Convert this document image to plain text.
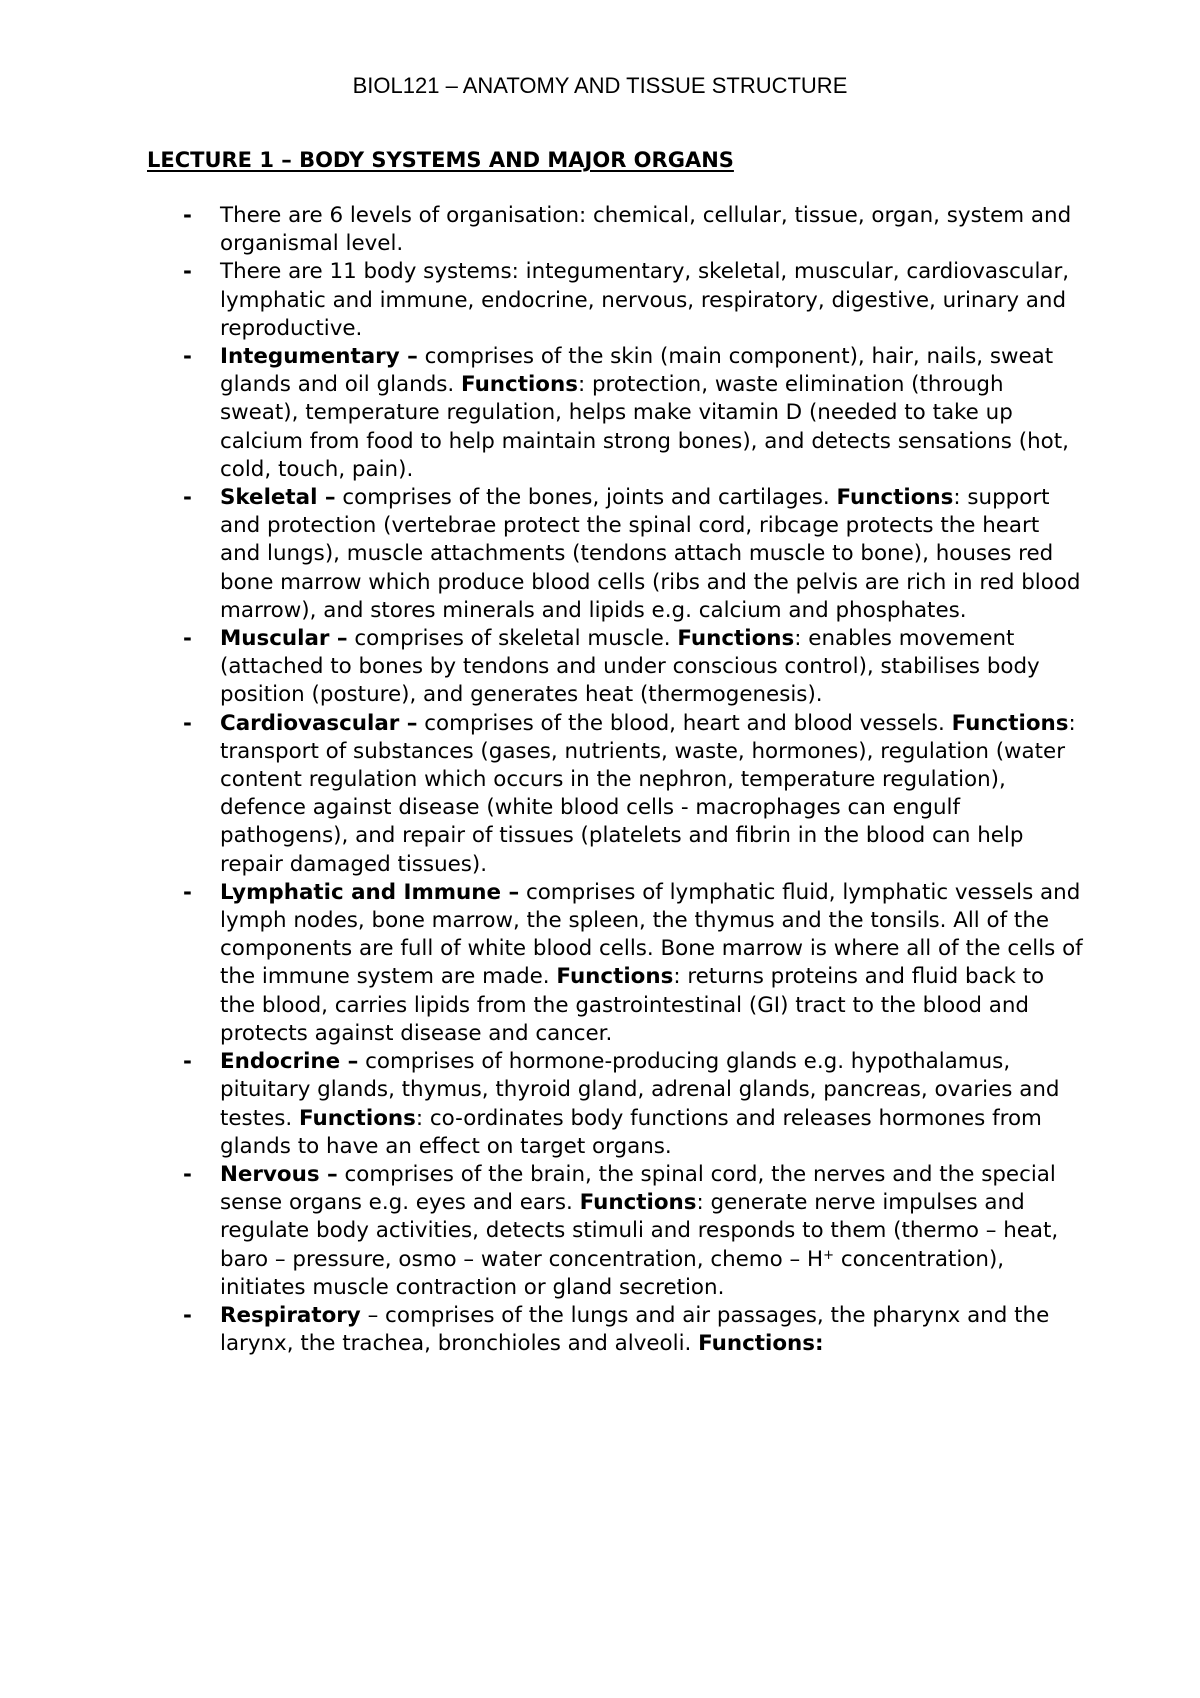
BIOL121 – ANATOMY AND TISSUE STRUCTURE
LECTURE 1 – BODY SYSTEMS AND MAJOR ORGANS
- There are 6 levels of organisation: chemical, cellular, tissue, organ, system and organismal level.
- There are 11 body systems: integumentary, skeletal, muscular, cardiovascular, lymphatic and immune, endocrine, nervous, respiratory, digestive, urinary and reproductive.
- Integumentary – comprises of the skin (main component), hair, nails, sweat glands and oil glands. Functions: protection, waste elimination (through sweat), temperature regulation, helps make vitamin D (needed to take up calcium from food to help maintain strong bones), and detects sensations (hot, cold, touch, pain).
- Skeletal – comprises of the bones, joints and cartilages. Functions: support and protection (vertebrae protect the spinal cord, ribcage protects the heart and lungs), muscle attachments (tendons attach muscle to bone), houses red bone marrow which produce blood cells (ribs and the pelvis are rich in red blood marrow), and stores minerals and lipids e.g. calcium and phosphates.
- Muscular – comprises of skeletal muscle. Functions: enables movement (attached to bones by tendons and under conscious control), stabilises body position (posture), and generates heat (thermogenesis).
- Cardiovascular – comprises of the blood, heart and blood vessels. Functions: transport of substances (gases, nutrients, waste, hormones), regulation (water content regulation which occurs in the nephron, temperature regulation), defence against disease (white blood cells - macrophages can engulf pathogens), and repair of tissues (platelets and fibrin in the blood can help repair damaged tissues).
- Lymphatic and Immune – comprises of lymphatic fluid, lymphatic vessels and lymph nodes, bone marrow, the spleen, the thymus and the tonsils. All of the components are full of white blood cells. Bone marrow is where all of the cells of the immune system are made. Functions: returns proteins and fluid back to the blood, carries lipids from the gastrointestinal (GI) tract to the blood and protects against disease and cancer.
- Endocrine – comprises of hormone-producing glands e.g. hypothalamus, pituitary glands, thymus, thyroid gland, adrenal glands, pancreas, ovaries and testes. Functions: co-ordinates body functions and releases hormones from glands to have an effect on target organs.
- Nervous – comprises of the brain, the spinal cord, the nerves and the special sense organs e.g. eyes and ears. Functions: generate nerve impulses and regulate body activities, detects stimuli and responds to them (thermo – heat, baro – pressure, osmo – water concentration, chemo – H+ concentration), initiates muscle contraction or gland secretion.
- Respiratory – comprises of the lungs and air passages, the pharynx and the larynx, the trachea, bronchioles and alveoli. Functions:
